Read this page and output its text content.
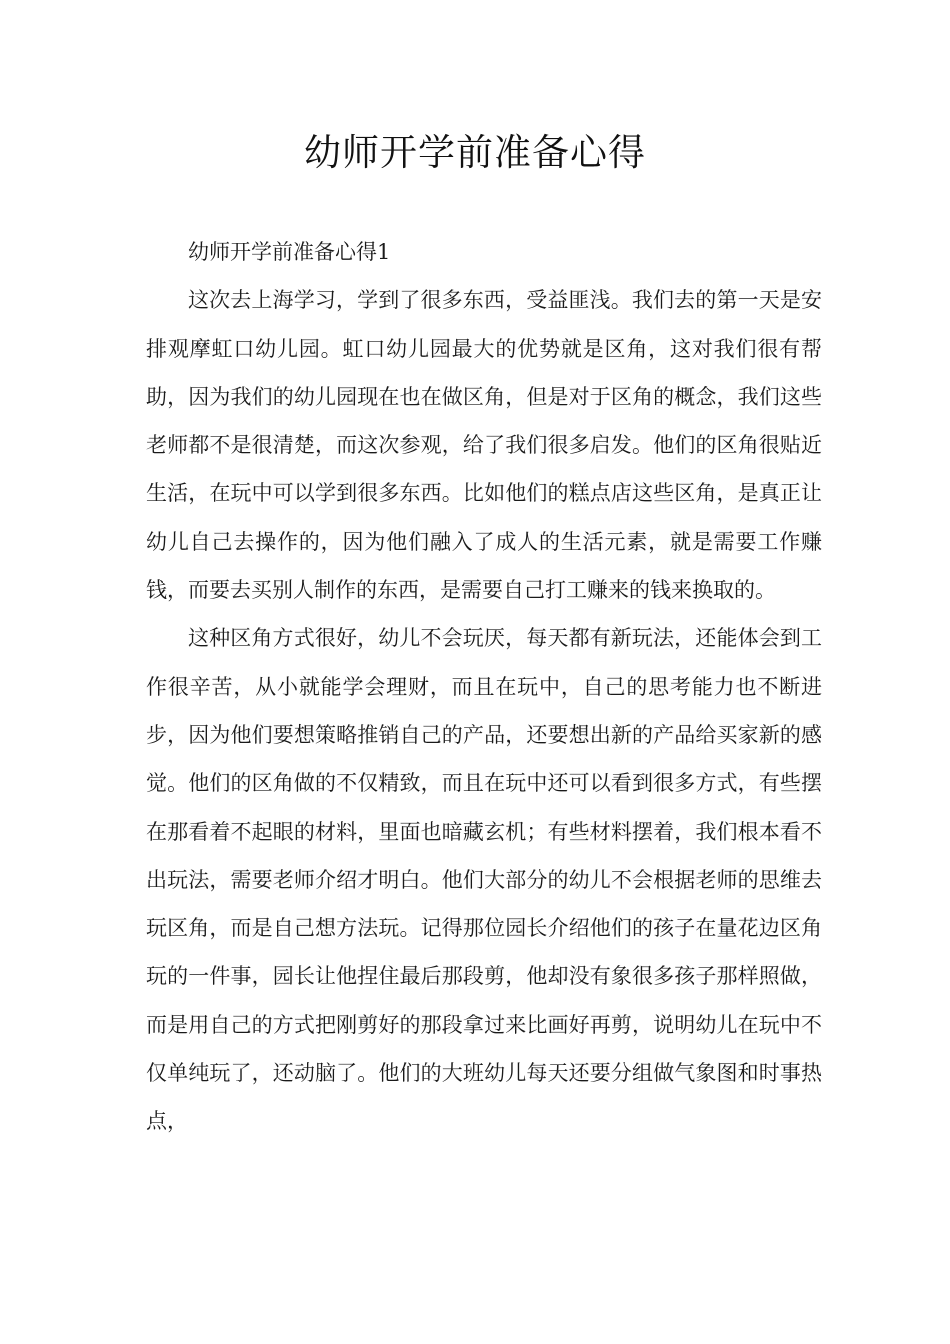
幼师开学前准备心得

幼师开学前准备心得1

这次去上海学习，学到了很多东西，受益匪浅。我们去的第一天是安排观摩虹口幼儿园。虹口幼儿园最大的优势就是区角，这对我们很有帮助，因为我们的幼儿园现在也在做区角，但是对于区角的概念，我们这些老师都不是很清楚，而这次参观，给了我们很多启发。他们的区角很贴近生活，在玩中可以学到很多东西。比如他们的糕点店这些区角，是真正让幼儿自己去操作的，因为他们融入了成人的生活元素，就是需要工作赚钱，而要去买别人制作的东西，是需要自己打工赚来的钱来换取的。

这种区角方式很好，幼儿不会玩厌，每天都有新玩法，还能体会到工作很辛苦，从小就能学会理财，而且在玩中，自己的思考能力也不断进步，因为他们要想策略推销自己的产品，还要想出新的产品给买家新的感觉。他们的区角做的不仅精致，而且在玩中还可以看到很多方式，有些摆在那看着不起眼的材料，里面也暗藏玄机；有些材料摆着，我们根本看不出玩法，需要老师介绍才明白。他们大部分的幼儿不会根据老师的思维去玩区角，而是自己想方法玩。记得那位园长介绍他们的孩子在量花边区角玩的一件事，园长让他捏住最后那段剪，他却没有象很多孩子那样照做，而是用自己的方式把刚剪好的那段拿过来比画好再剪，说明幼儿在玩中不仅单纯玩了，还动脑了。他们的大班幼儿每天还要分组做气象图和时事热点，
